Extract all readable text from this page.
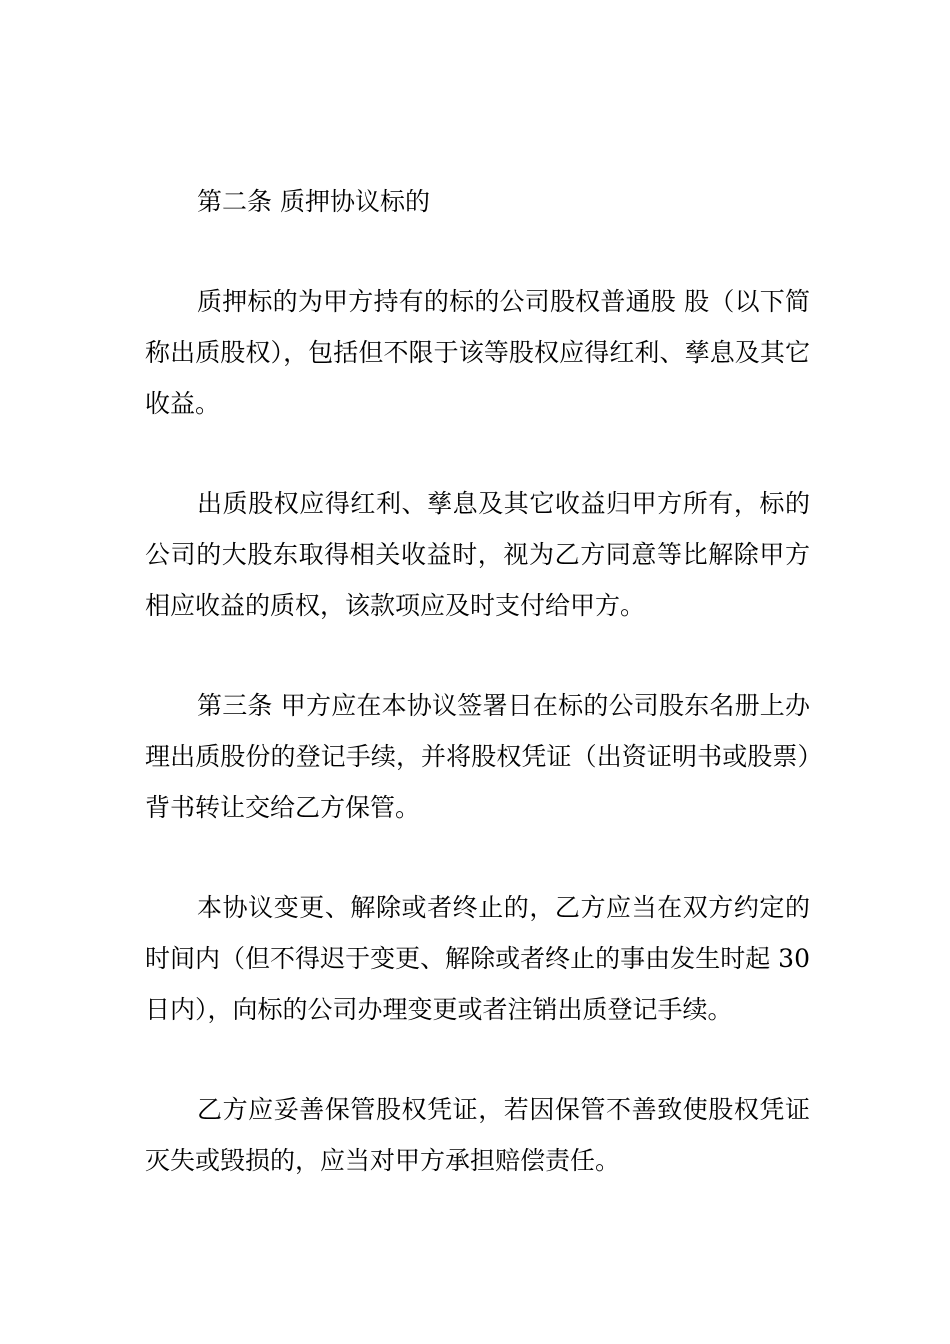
第二条 质押协议标的

质押标的为甲方持有的标的公司股权普通股 股（以下简称出质股权），包括但不限于该等股权应得红利、孳息及其它收益。

出质股权应得红利、孳息及其它收益归甲方所有，标的公司的大股东取得相关收益时，视为乙方同意等比解除甲方相应收益的质权，该款项应及时支付给甲方。

第三条 甲方应在本协议签署日在标的公司股东名册上办理出质股份的登记手续，并将股权凭证（出资证明书或股票）背书转让交给乙方保管。

本协议变更、解除或者终止的，乙方应当在双方约定的时间内（但不得迟于变更、解除或者终止的事由发生时起 30 日内），向标的公司办理变更或者注销出质登记手续。

乙方应妥善保管股权凭证，若因保管不善致使股权凭证灭失或毁损的，应当对甲方承担赔偿责任。
